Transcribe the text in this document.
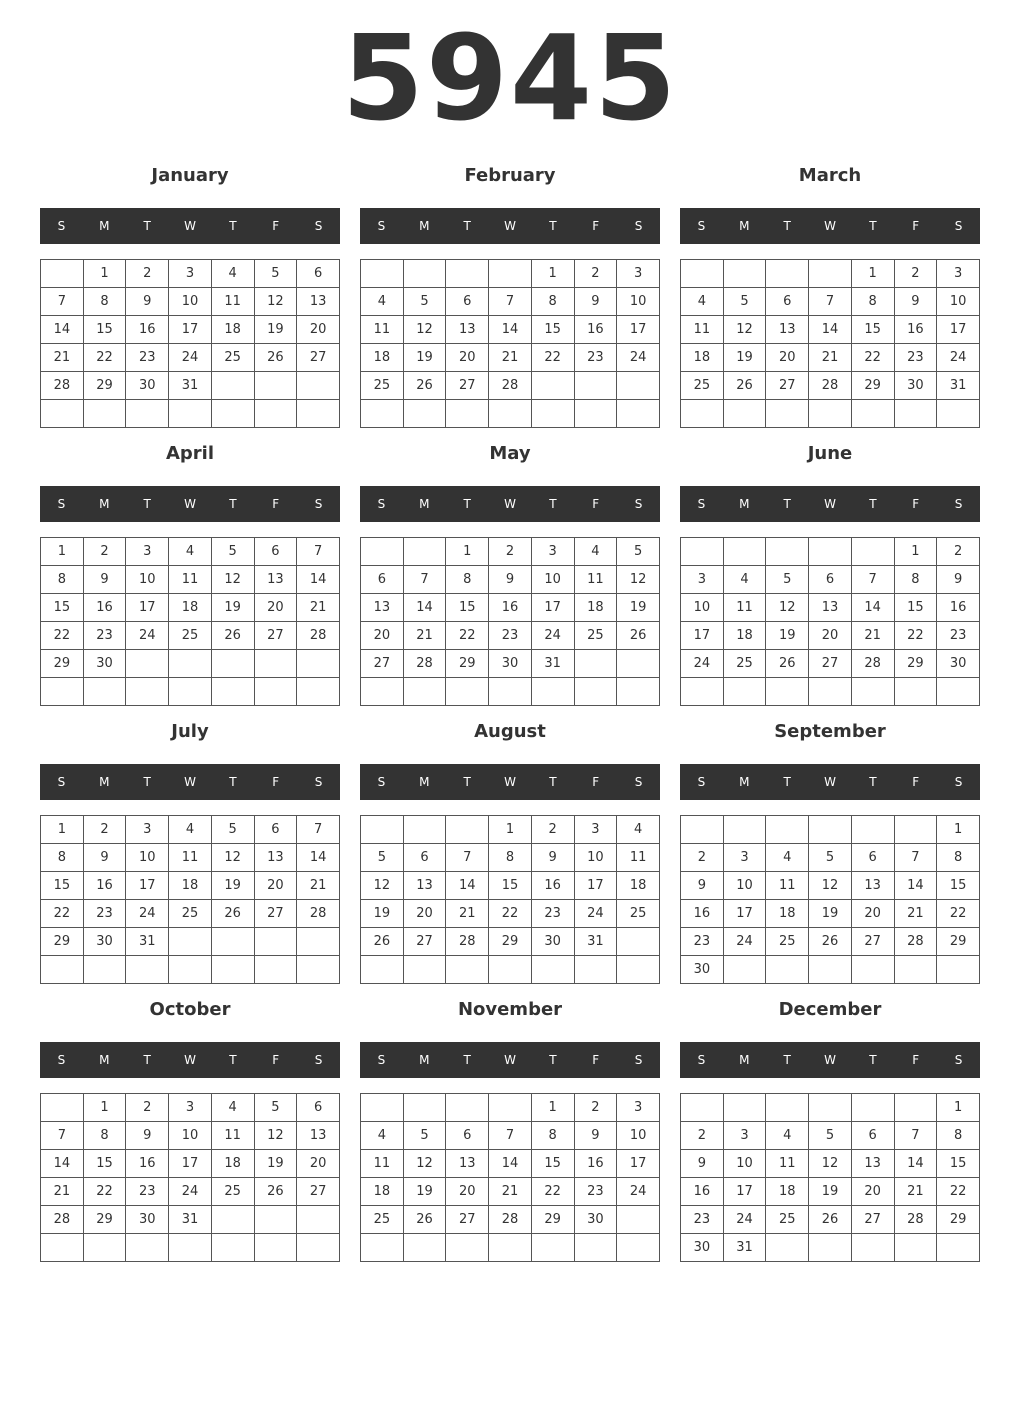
5945
January
S	M	T	W	T	F	S
	1	2	3	4	5	6
7	8	9	10	11	12	13
14	15	16	17	18	19	20
21	22	23	24	25	26	27
28	29	30	31			

February
S	M	T	W	T	F	S
				1	2	3
4	5	6	7	8	9	10
11	12	13	14	15	16	17
18	19	20	21	22	23	24
25	26	27	28			

March
S	M	T	W	T	F	S
				1	2	3
4	5	6	7	8	9	10
11	12	13	14	15	16	17
18	19	20	21	22	23	24
25	26	27	28	29	30	31

April
S	M	T	W	T	F	S
1	2	3	4	5	6	7
8	9	10	11	12	13	14
15	16	17	18	19	20	21
22	23	24	25	26	27	28
29	30					

May
S	M	T	W	T	F	S
		1	2	3	4	5
6	7	8	9	10	11	12
13	14	15	16	17	18	19
20	21	22	23	24	25	26
27	28	29	30	31		

June
S	M	T	W	T	F	S
					1	2
3	4	5	6	7	8	9
10	11	12	13	14	15	16
17	18	19	20	21	22	23
24	25	26	27	28	29	30

July
S	M	T	W	T	F	S
1	2	3	4	5	6	7
8	9	10	11	12	13	14
15	16	17	18	19	20	21
22	23	24	25	26	27	28
29	30	31				

August
S	M	T	W	T	F	S
			1	2	3	4
5	6	7	8	9	10	11
12	13	14	15	16	17	18
19	20	21	22	23	24	25
26	27	28	29	30	31	

September
S	M	T	W	T	F	S
						1
2	3	4	5	6	7	8
9	10	11	12	13	14	15
16	17	18	19	20	21	22
23	24	25	26	27	28	29
30						
October
S	M	T	W	T	F	S
	1	2	3	4	5	6
7	8	9	10	11	12	13
14	15	16	17	18	19	20
21	22	23	24	25	26	27
28	29	30	31			

November
S	M	T	W	T	F	S
				1	2	3
4	5	6	7	8	9	10
11	12	13	14	15	16	17
18	19	20	21	22	23	24
25	26	27	28	29	30	

December
S	M	T	W	T	F	S
						1
2	3	4	5	6	7	8
9	10	11	12	13	14	15
16	17	18	19	20	21	22
23	24	25	26	27	28	29
30	31					
